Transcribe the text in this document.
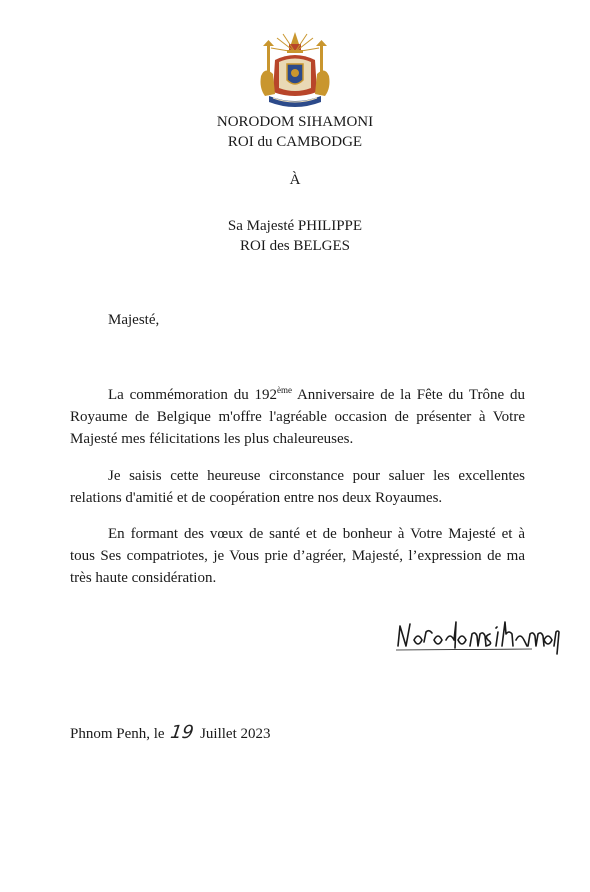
NORODOM SIHAMONI
ROI du CAMBODGE
À
Sa Majesté PHILIPPE
ROI des BELGES
Majesté,

La commémoration du 192ème Anniversaire de la Fête du Trône du Royaume de Belgique m'offre l'agréable occasion de présenter à Votre Majesté mes félicitations les plus chaleureuses.

Je saisis cette heureuse circonstance pour saluer les excellentes relations d'amitié et de coopération entre nos deux Royaumes.

En formant des vœux de santé et de bonheur à Votre Majesté et à tous Ses compatriotes, je Vous prie d’agréer, Majesté, l’expression de ma très haute considération.

Phnom Penh, le 19 Juillet 2023
